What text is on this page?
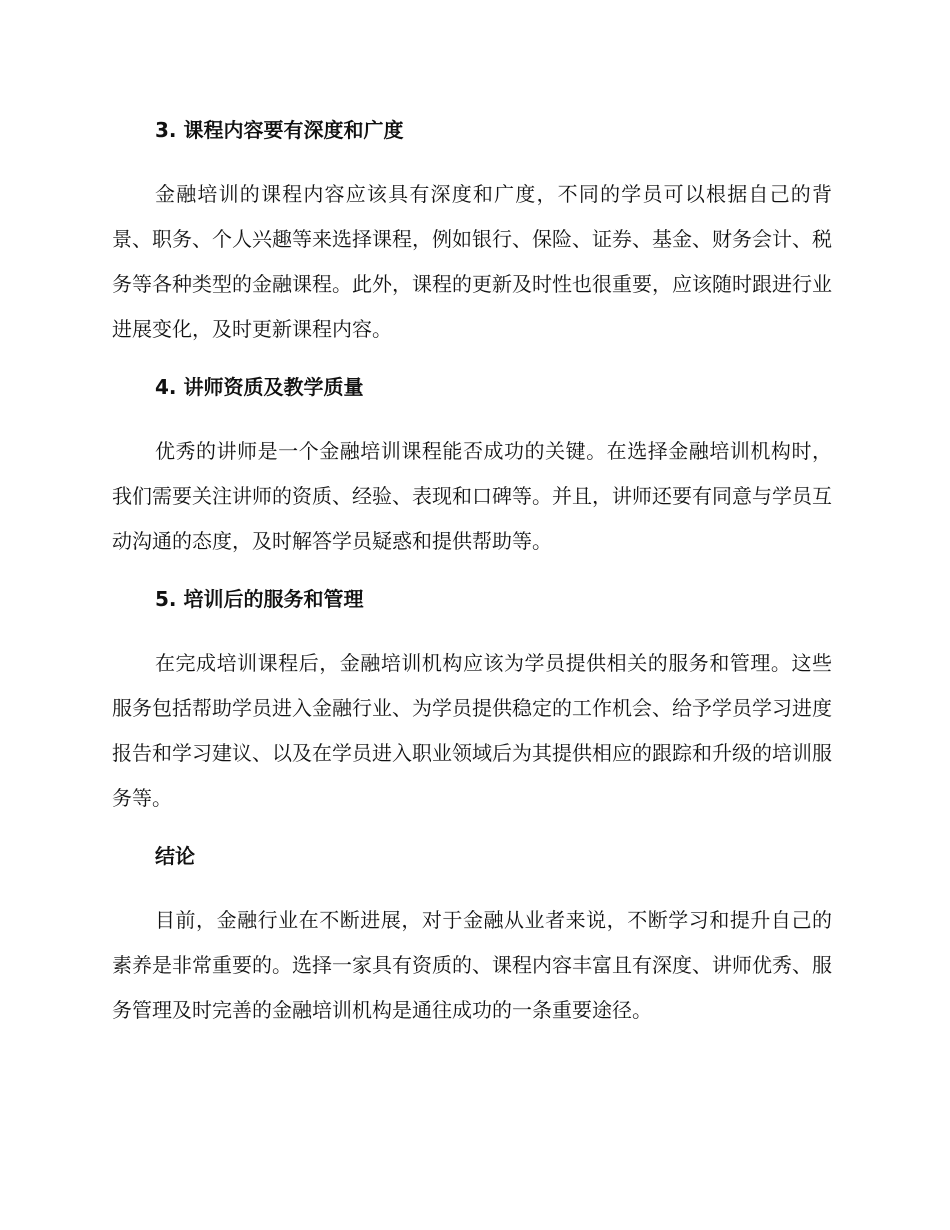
3. 课程内容要有深度和广度

金融培训的课程内容应该具有深度和广度，不同的学员可以根据自己的背景、职务、个人兴趣等来选择课程，例如银行、保险、证券、基金、财务会计、税务等各种类型的金融课程。此外，课程的更新及时性也很重要，应该随时跟进行业进展变化，及时更新课程内容。

4. 讲师资质及教学质量

优秀的讲师是一个金融培训课程能否成功的关键。在选择金融培训机构时，我们需要关注讲师的资质、经验、表现和口碑等。并且，讲师还要有同意与学员互动沟通的态度，及时解答学员疑惑和提供帮助等。

5. 培训后的服务和管理

在完成培训课程后，金融培训机构应该为学员提供相关的服务和管理。这些服务包括帮助学员进入金融行业、为学员提供稳定的工作机会、给予学员学习进度报告和学习建议、以及在学员进入职业领域后为其提供相应的跟踪和升级的培训服务等。

结论

目前，金融行业在不断进展，对于金融从业者来说，不断学习和提升自己的素养是非常重要的。选择一家具有资质的、课程内容丰富且有深度、讲师优秀、服务管理及时完善的金融培训机构是通往成功的一条重要途径。
